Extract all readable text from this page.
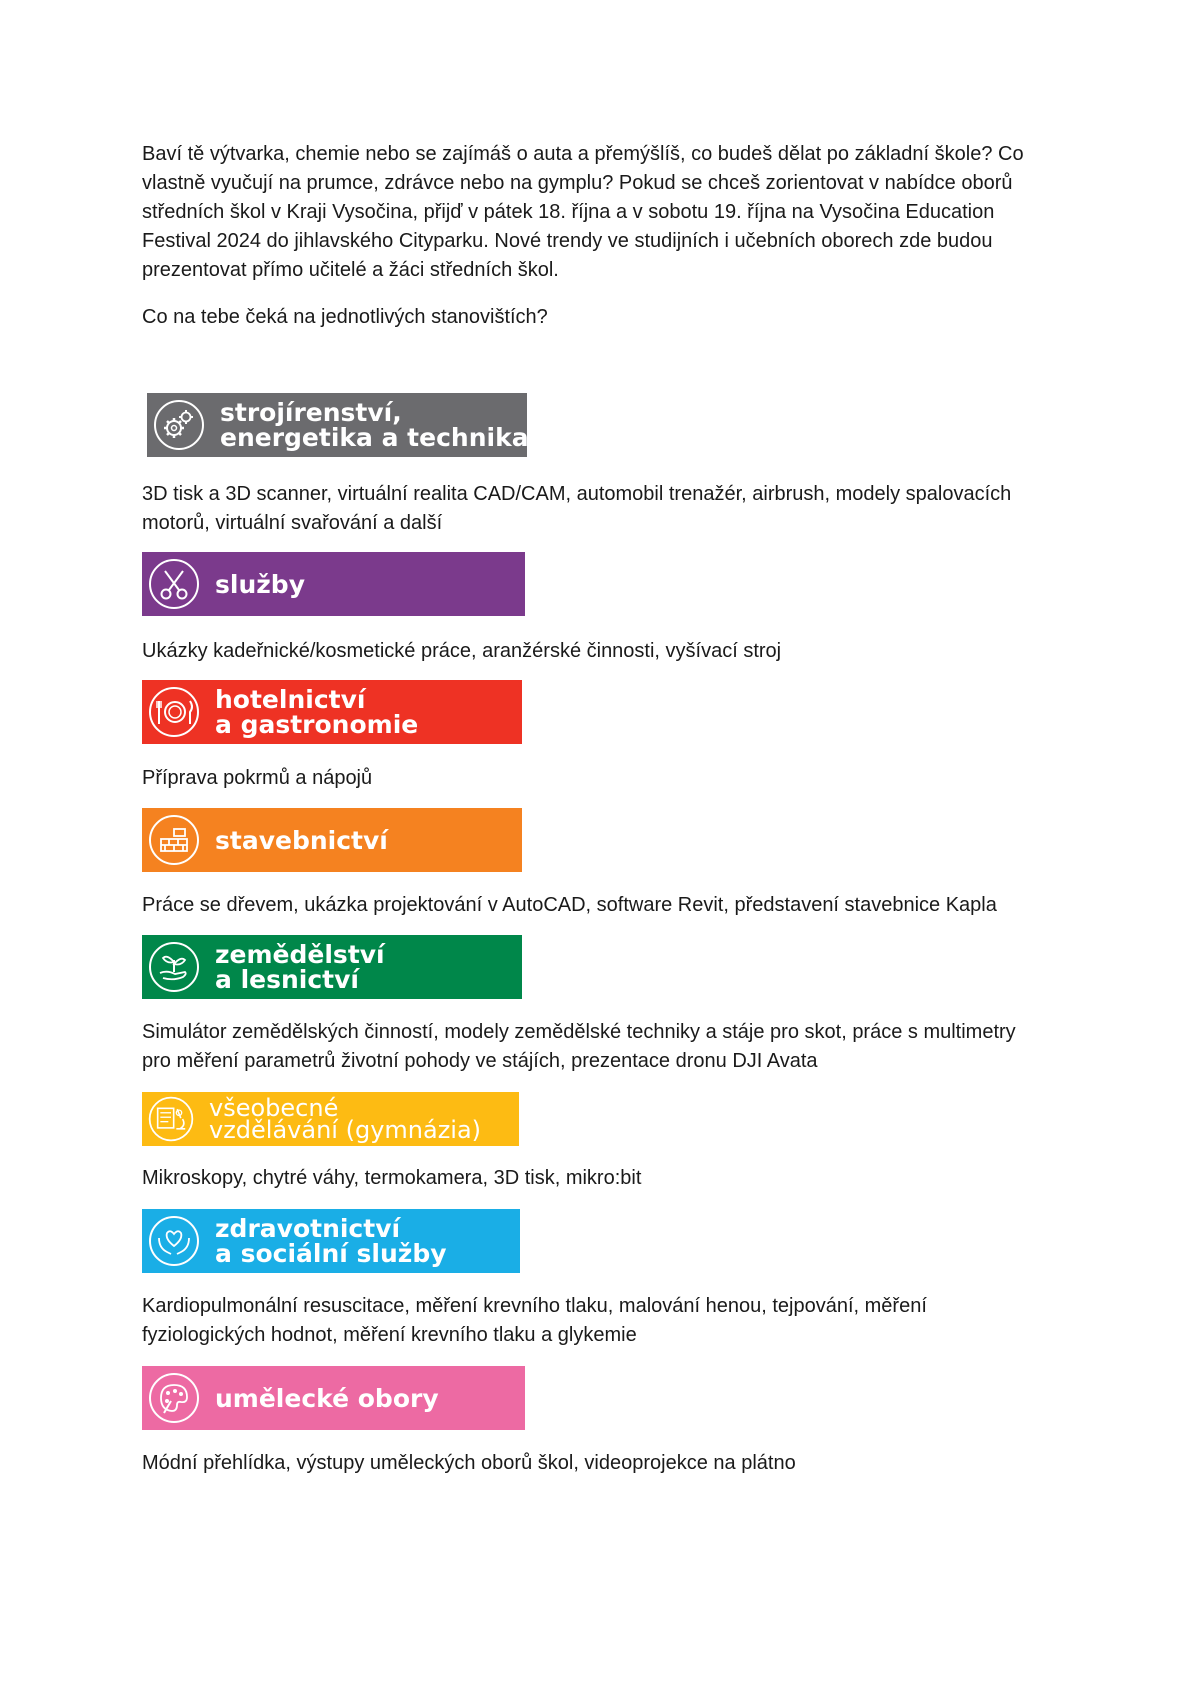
Baví tě výtvarka, chemie nebo se zajímáš o auta a přemýšlíš, co budeš dělat po základní škole? Co vlastně vyučují na prumce, zdrávce nebo na gymplu? Pokud se chceš zorientovat v nabídce oborů středních škol v Kraji Vysočina, přijď v pátek 18. října a v sobotu 19. října na Vysočina Education Festival 2024 do jihlavského Cityparku. Nové trendy ve studijních i učebních oborech zde budou prezentovat přímo učitelé a žáci středních škol.

Co na tebe čeká na jednotlivých stanovištích?

strojírenství,
energetika a technika

3D tisk a 3D scanner, virtuální realita CAD/CAM, automobil trenažér, airbrush, modely spalovacích motorů, virtuální svařování a další

služby

Ukázky kadeřnické/kosmetické práce, aranžérské činnosti, vyšívací stroj

hotelnictví
a gastronomie

Příprava pokrmů a nápojů

stavebnictví

Práce se dřevem, ukázka projektování v AutoCAD, software Revit, představení stavebnice Kapla

zemědělství
a lesnictví

Simulátor zemědělských činností, modely zemědělské techniky a stáje pro skot, práce s multimetry pro měření parametrů životní pohody ve stájích, prezentace dronu DJI Avata

všeobecné
vzdělávání (gymnázia)

Mikroskopy, chytré váhy, termokamera, 3D tisk, mikro:bit

zdravotnictví
a sociální služby

Kardiopulmonální resuscitace, měření krevního tlaku, malování henou, tejpování, měření fyziologických hodnot, měření krevního tlaku a glykemie

umělecké obory

Módní přehlídka, výstupy uměleckých oborů škol, videoprojekce na plátno
